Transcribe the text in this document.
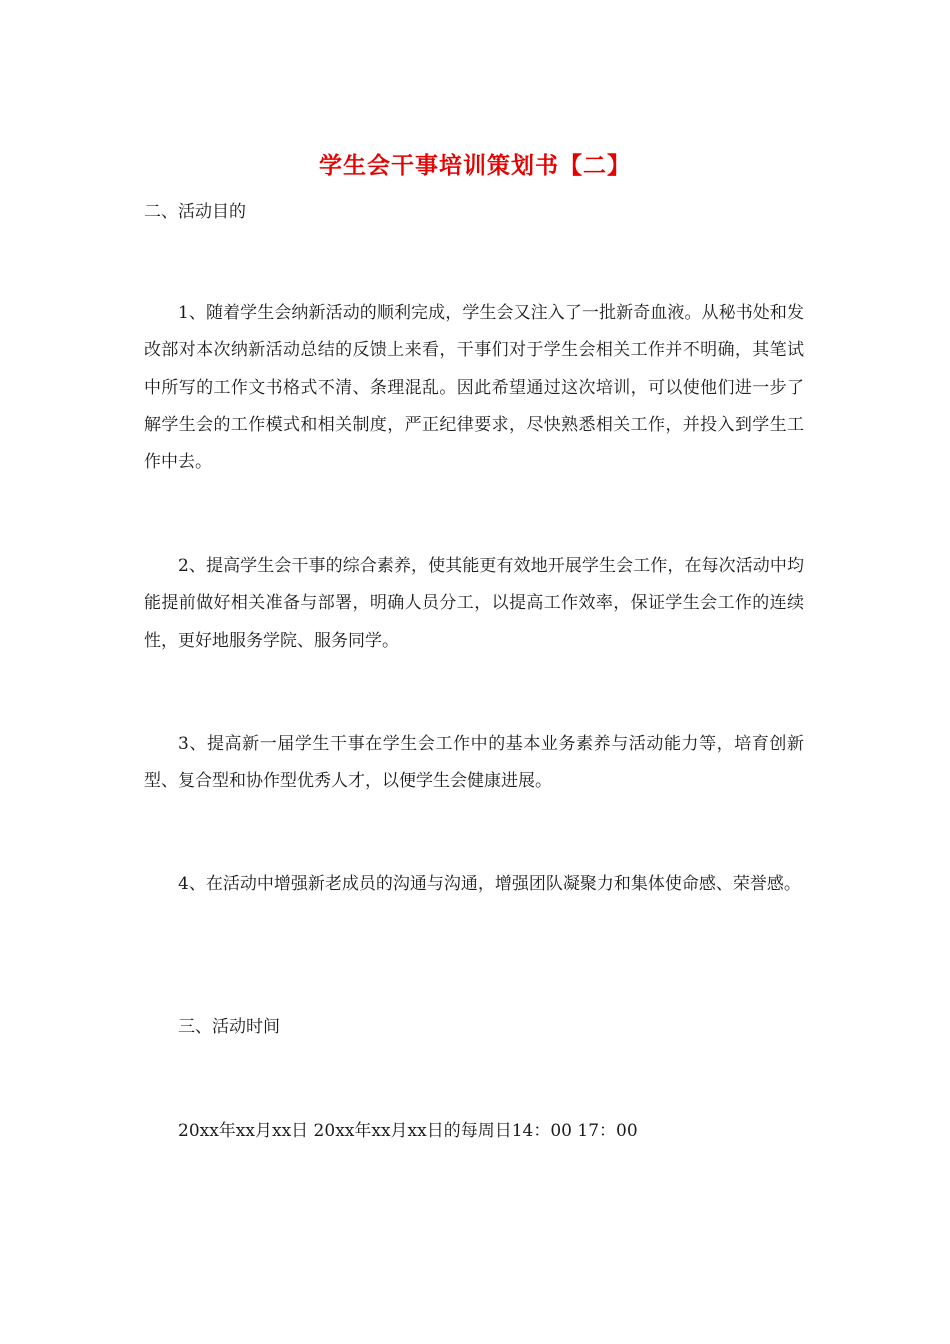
学生会干事培训策划书【二】

二、活动目的

1、随着学生会纳新活动的顺利完成，学生会又注入了一批新奇血液。从秘书处和发改部对本次纳新活动总结的反馈上来看，干事们对于学生会相关工作并不明确，其笔试中所写的工作文书格式不清、条理混乱。因此希望通过这次培训，可以使他们进一步了解学生会的工作模式和相关制度，严正纪律要求，尽快熟悉相关工作，并投入到学生工作中去。

2、提高学生会干事的综合素养，使其能更有效地开展学生会工作，在每次活动中均能提前做好相关准备与部署，明确人员分工，以提高工作效率，保证学生会工作的连续性，更好地服务学院、服务同学。

3、提高新一届学生干事在学生会工作中的基本业务素养与活动能力等，培育创新型、复合型和协作型优秀人才，以便学生会健康进展。

4、在活动中增强新老成员的沟通与沟通，增强团队凝聚力和集体使命感、荣誉感。

三、活动时间

20xx年xx月xx日 20xx年xx月xx日的每周日14：00 17：00
